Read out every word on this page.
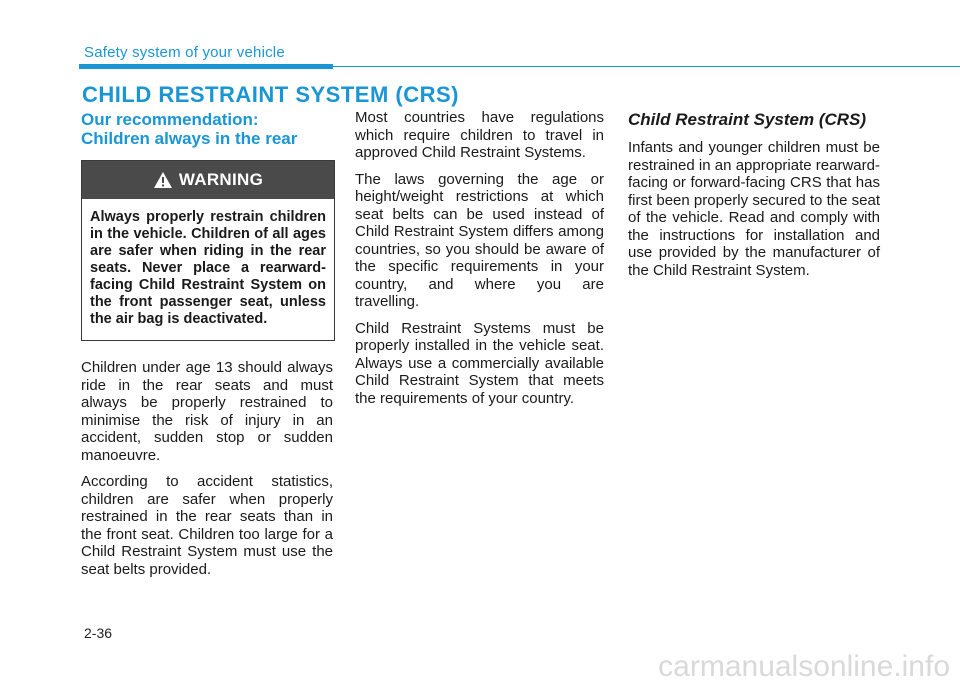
Safety system of your vehicle
CHILD RESTRAINT SYSTEM (CRS)
Our recommendation:
Children always in the rear
WARNING
Always properly restrain children in the vehicle. Children of all ages are safer when riding in the rear seats. Never place a rearward-facing Child Restraint System on the front passenger seat, unless the air bag is deactivated.

Children under age 13 should always ride in the rear seats and must always be properly restrained to minimise the risk of injury in an accident, sudden stop or sudden manoeuvre.

According to accident statistics, children are safer when properly restrained in the rear seats than in the front seat. Children too large for a Child Restraint System must use the seat belts provided.

Most countries have regulations which require children to travel in approved Child Restraint Systems.

The laws governing the age or height/weight restrictions at which seat belts can be used instead of Child Restraint System differs among countries, so you should be aware of the specific requirements in your country, and where you are travelling.

Child Restraint Systems must be properly installed in the vehicle seat. Always use a commercially available Child Restraint System that meets the requirements of your country.

Child Restraint System (CRS)

Infants and younger children must be restrained in an appropriate rearward-facing or forward-facing CRS that has first been properly secured to the seat of the vehicle. Read and comply with the instructions for installation and use provided by the manufacturer of the Child Restraint System.

2-36
carmanualsonline.info
